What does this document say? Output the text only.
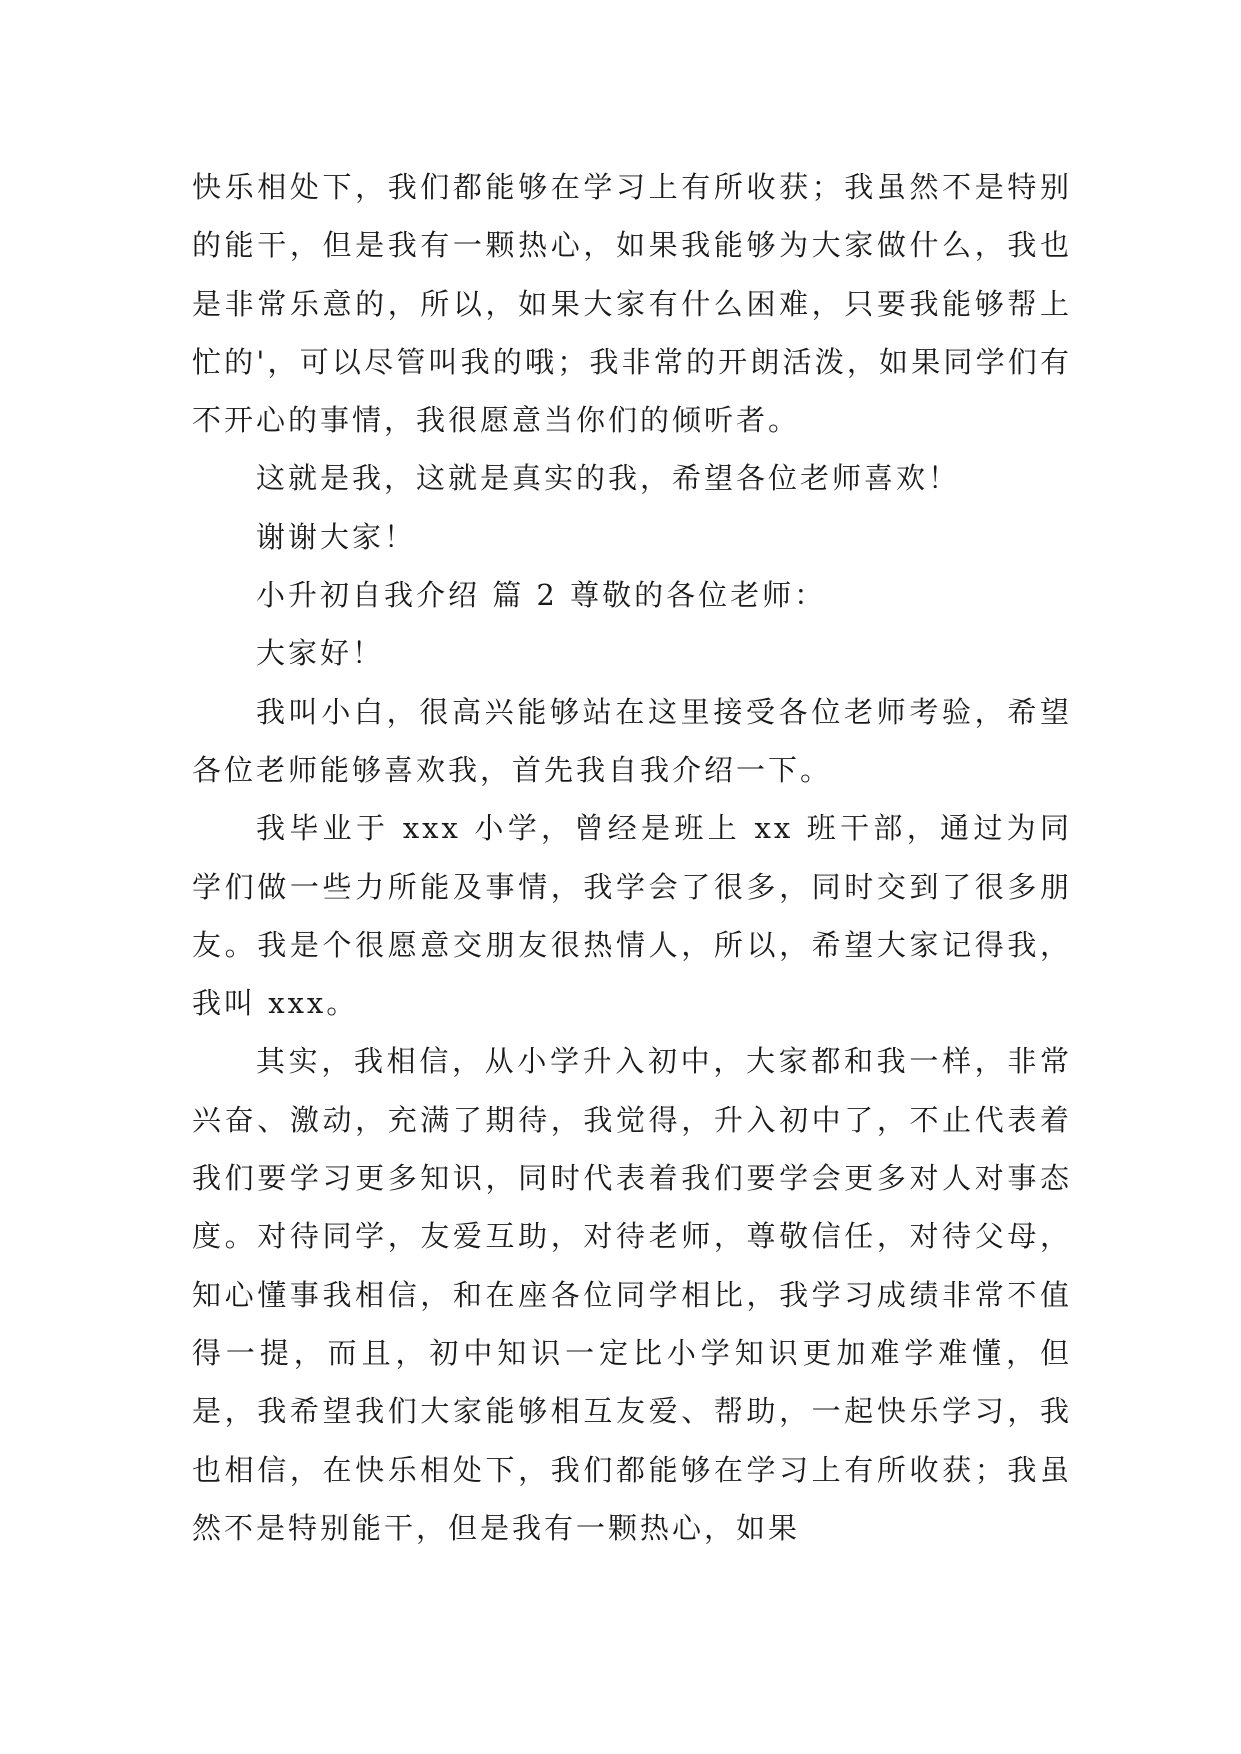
快乐相处下，我们都能够在学习上有所收获；我虽然不是特别的能干，但是我有一颗热心，如果我能够为大家做什么，我也是非常乐意的，所以，如果大家有什么困难，只要我能够帮上忙的'，可以尽管叫我的哦；我非常的开朗活泼，如果同学们有不开心的事情，我很愿意当你们的倾听者。

这就是我，这就是真实的我，希望各位老师喜欢！

谢谢大家！

小升初自我介绍 篇 2 尊敬的各位老师：

大家好！

我叫小白，很高兴能够站在这里接受各位老师考验，希望各位老师能够喜欢我，首先我自我介绍一下。

我毕业于 xxx 小学，曾经是班上 xx 班干部，通过为同学们做一些力所能及事情，我学会了很多，同时交到了很多朋友。我是个很愿意交朋友很热情人，所以，希望大家记得我，我叫 xxx。

其实，我相信，从小学升入初中，大家都和我一样，非常兴奋、激动，充满了期待，我觉得，升入初中了，不止代表着我们要学习更多知识，同时代表着我们要学会更多对人对事态度。对待同学，友爱互助，对待老师，尊敬信任，对待父母，知心懂事我相信，和在座各位同学相比，我学习成绩非常不值得一提，而且，初中知识一定比小学知识更加难学难懂，但是，我希望我们大家能够相互友爱、帮助，一起快乐学习，我也相信，在快乐相处下，我们都能够在学习上有所收获；我虽然不是特别能干，但是我有一颗热心，如果
